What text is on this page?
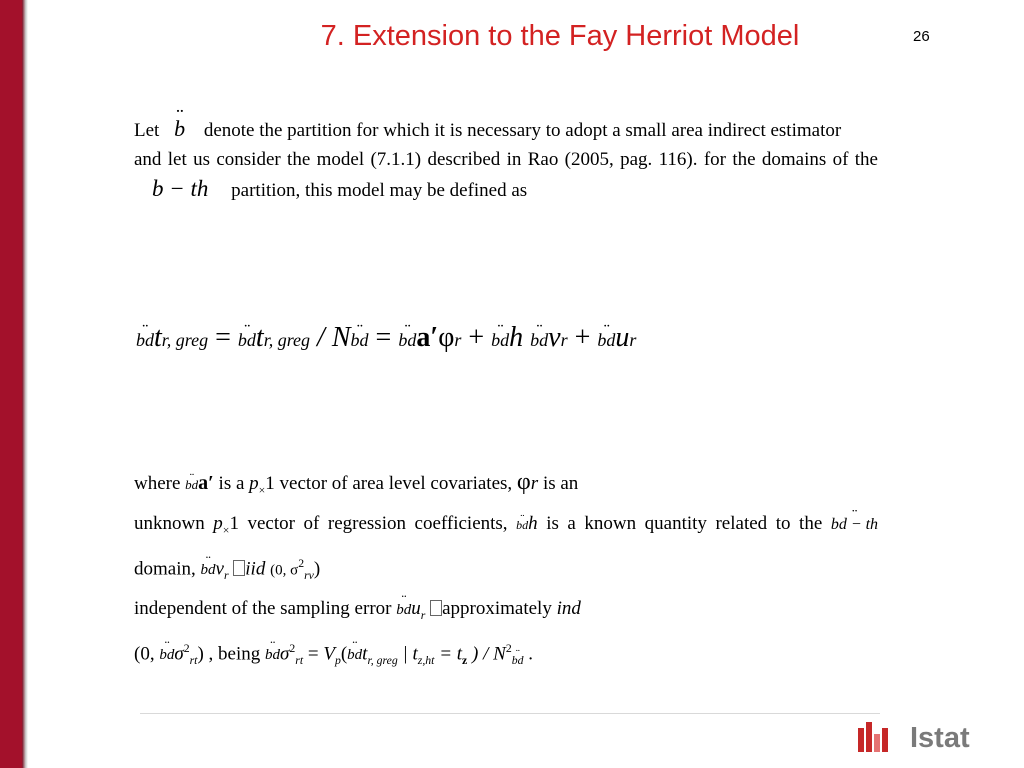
7. Extension to the Fay Herriot Model	26

Let ¨ b denote the partition for which it is necessary to adopt a small area indirect estimator
and let us consider the model (7.1.1) described in Rao (2005, pag. 116). for the domains of the b − th partition, this model may be defined as

¨ bdtr, greg = ¨ bdtr, greg / N¨ bd = ¨ bda′φr + ¨ bdh ¨ bdvr + ¨ bdur
where ¨ bda′ is a $p_\times 1$ vector of area level covariates, φr is an
unknown $p_\times 1$ vector of regression coefficients, ¨ bdh is a known quantity related to the ¨ bd − th domain, ¨ bdv$_r$ iid (0, $\sigma^2_{rv}$)
independent of the sampling error ¨ bdu$_r$ approximately ind
(0, ¨ bdσ$^2_{rt}$) , being ¨ $bd\sigma^2_{rt} = V_p(¨$ bdt$_{r, greg}$ | $t_{z,ht} = t_z$ ) / $N^2¨$ $_{bd}$ .
Istat
